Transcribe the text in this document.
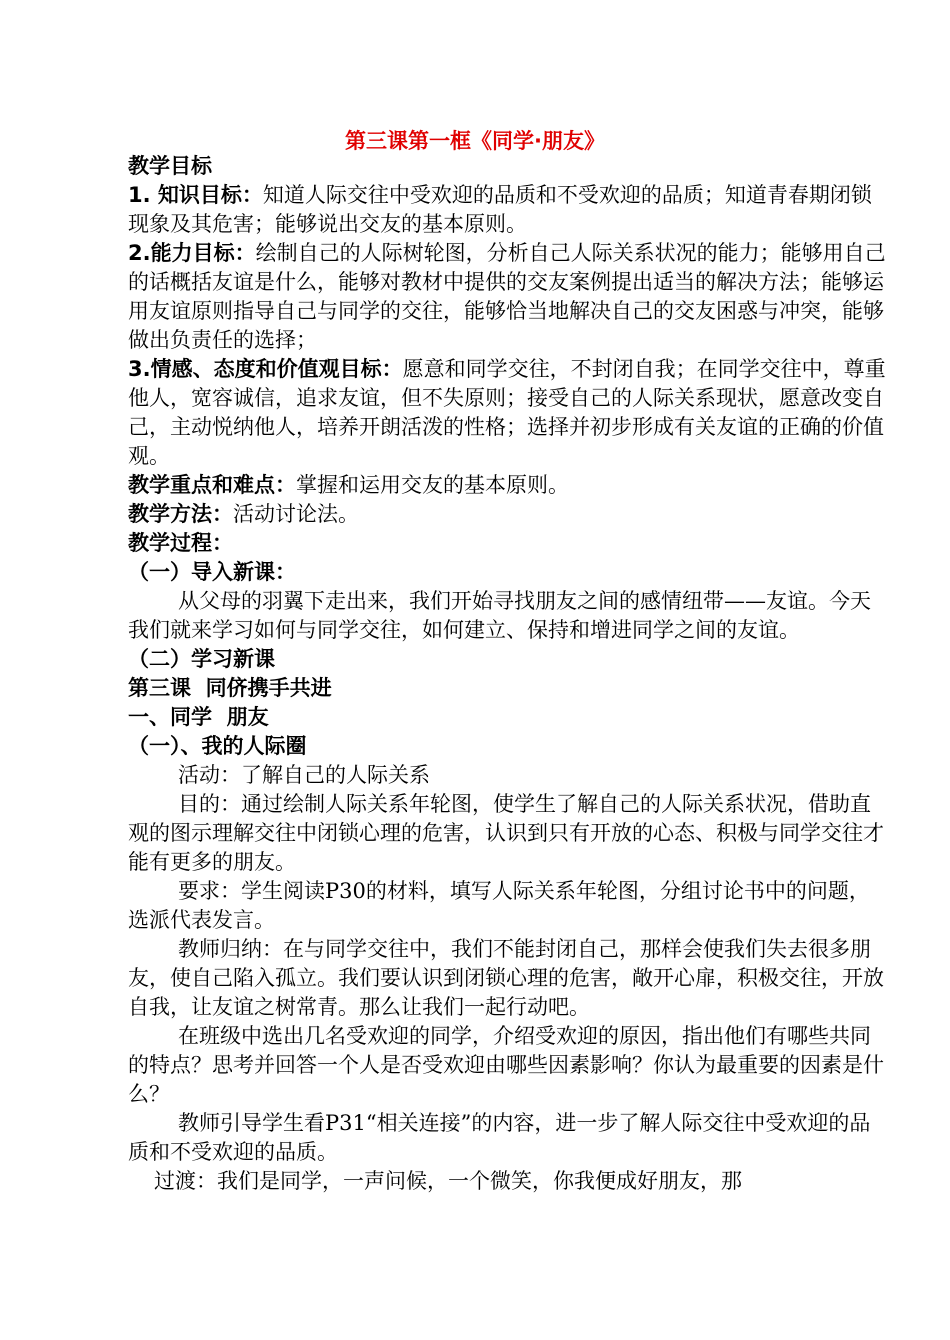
第三课第一框《同学·朋友》

教学目标

1. 知识目标：知道人际交往中受欢迎的品质和不受欢迎的品质；知道青春期闭锁现象及其危害；能够说出交友的基本原则。

2.能力目标：绘制自己的人际树轮图，分析自己人际关系状况的能力；能够用自己的话概括友谊是什么，能够对教材中提供的交友案例提出适当的解决方法；能够运用友谊原则指导自己与同学的交往，能够恰当地解决自己的交友困惑与冲突，能够做出负责任的选择；

3.情感、态度和价值观目标：愿意和同学交往，不封闭自我；在同学交往中，尊重他人，宽容诚信，追求友谊，但不失原则；接受自己的人际关系现状，愿意改变自己，主动悦纳他人，培养开朗活泼的性格；选择并初步形成有关友谊的正确的价值观。

教学重点和难点：掌握和运用交友的基本原则。

教学方法：活动讨论法。

教学过程：

（一）导入新课：

从父母的羽翼下走出来，我们开始寻找朋友之间的感情纽带——友谊。今天我们就来学习如何与同学交往，如何建立、保持和增进同学之间的友谊。

（二）学习新课

第三课  同侪携手共进

一、同学  朋友

（一）、我的人际圈

活动：了解自己的人际关系

目的：通过绘制人际关系年轮图，使学生了解自己的人际关系状况，借助直观的图示理解交往中闭锁心理的危害，认识到只有开放的心态、积极与同学交往才能有更多的朋友。

要求：学生阅读P30的材料，填写人际关系年轮图，分组讨论书中的问题，选派代表发言。

教师归纳：在与同学交往中，我们不能封闭自己，那样会使我们失去很多朋友，使自己陷入孤立。我们要认识到闭锁心理的危害，敞开心扉，积极交往，开放自我，让友谊之树常青。那么让我们一起行动吧。

在班级中选出几名受欢迎的同学，介绍受欢迎的原因，指出他们有哪些共同的特点？思考并回答一个人是否受欢迎由哪些因素影响？你认为最重要的因素是什么？

教师引导学生看P31“相关连接”的内容，进一步了解人际交往中受欢迎的品质和不受欢迎的品质。

过渡：我们是同学，一声问候，一个微笑，你我便成好朋友，那
